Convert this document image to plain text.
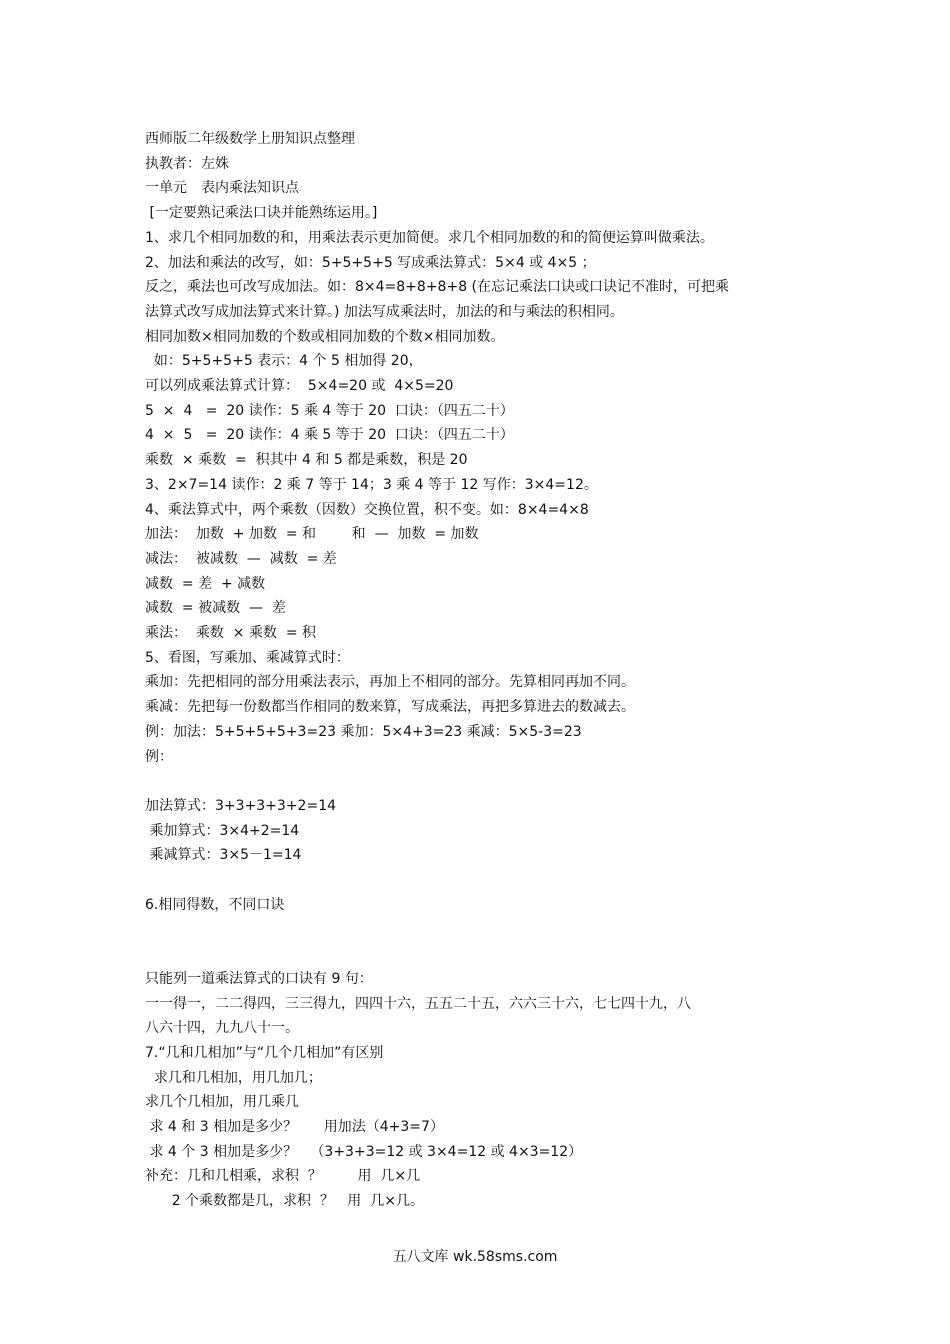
西师版二年级数学上册知识点整理
执教者：左姝
一单元　表内乘法知识点
[一定要熟记乘法口诀并能熟练运用。]
1、求几个相同加数的和，用乘法表示更加简便。求几个相同加数的和的简便运算叫做乘法。
2、加法和乘法的改写，如：5+5+5+5 写成乘法算式：5×4 或 4×5 ；
反之，乘法也可改写成加法。如：8×4=8+8+8+8 (在忘记乘法口诀或口诀记不准时，可把乘
法算式改写成加法算式来计算。) 加法写成乘法时，加法的和与乘法的积相同。
相同加数×相同加数的个数或相同加数的个数×相同加数。
如：5+5+5+5 表示：4 个 5 相加得 20，
可以列成乘法算式计算：  5×4=20 或  4×5=20
5  ×  4   =  20 读作：5 乘 4 等于 20  口诀：（四五二十）
4  ×  5   =  20 读作：4 乘 5 等于 20  口诀：（四五二十）
乘数  × 乘数  =  积其中 4 和 5 都是乘数，积是 20
3、2×7=14 读作：2 乘 7 等于 14；3 乘 4 等于 12 写作：3×4=12。
4、乘法算式中，两个乘数（因数）交换位置，积不变。如：8×4=4×8
加法：  加数  + 加数  = 和        和  —  加数  = 加数
减法：  被减数  —  减数  = 差
减数  = 差  + 减数
减数  = 被减数  —  差
乘法：  乘数  × 乘数  = 积
5、看图，写乘加、乘减算式时：
乘加：先把相同的部分用乘法表示，再加上不相同的部分。先算相同再加不同。
乘减：先把每一份数都当作相同的数来算，写成乘法，再把多算进去的数减去。
例：加法：5+5+5+5+3=23 乘加：5×4+3=23 乘减：5×5-3=23
例：
加法算式：3+3+3+3+2=14
乘加算式：3×4+2=14
乘减算式：3×5－1=14
6.相同得数，不同口诀
只能列一道乘法算式的口诀有 9 句：
一一得一，二二得四，三三得九，四四十六，五五二十五，六六三十六，七七四十九，八
八六十四，九九八十一。
7.“几和几相加”与“几个几相加”有区别
求几和几相加，用几加几；
求几个几相加，用几乘几
求 4 和 3 相加是多少？      用加法（4+3=7）
求 4 个 3 相加是多少？   （3+3+3=12 或 3×4=12 或 4×3=12）
补充：几和几相乘，求积  ？        用  几×几
2 个乘数都是几，求积  ？   用  几×几。
五八文库 wk.58sms.com
